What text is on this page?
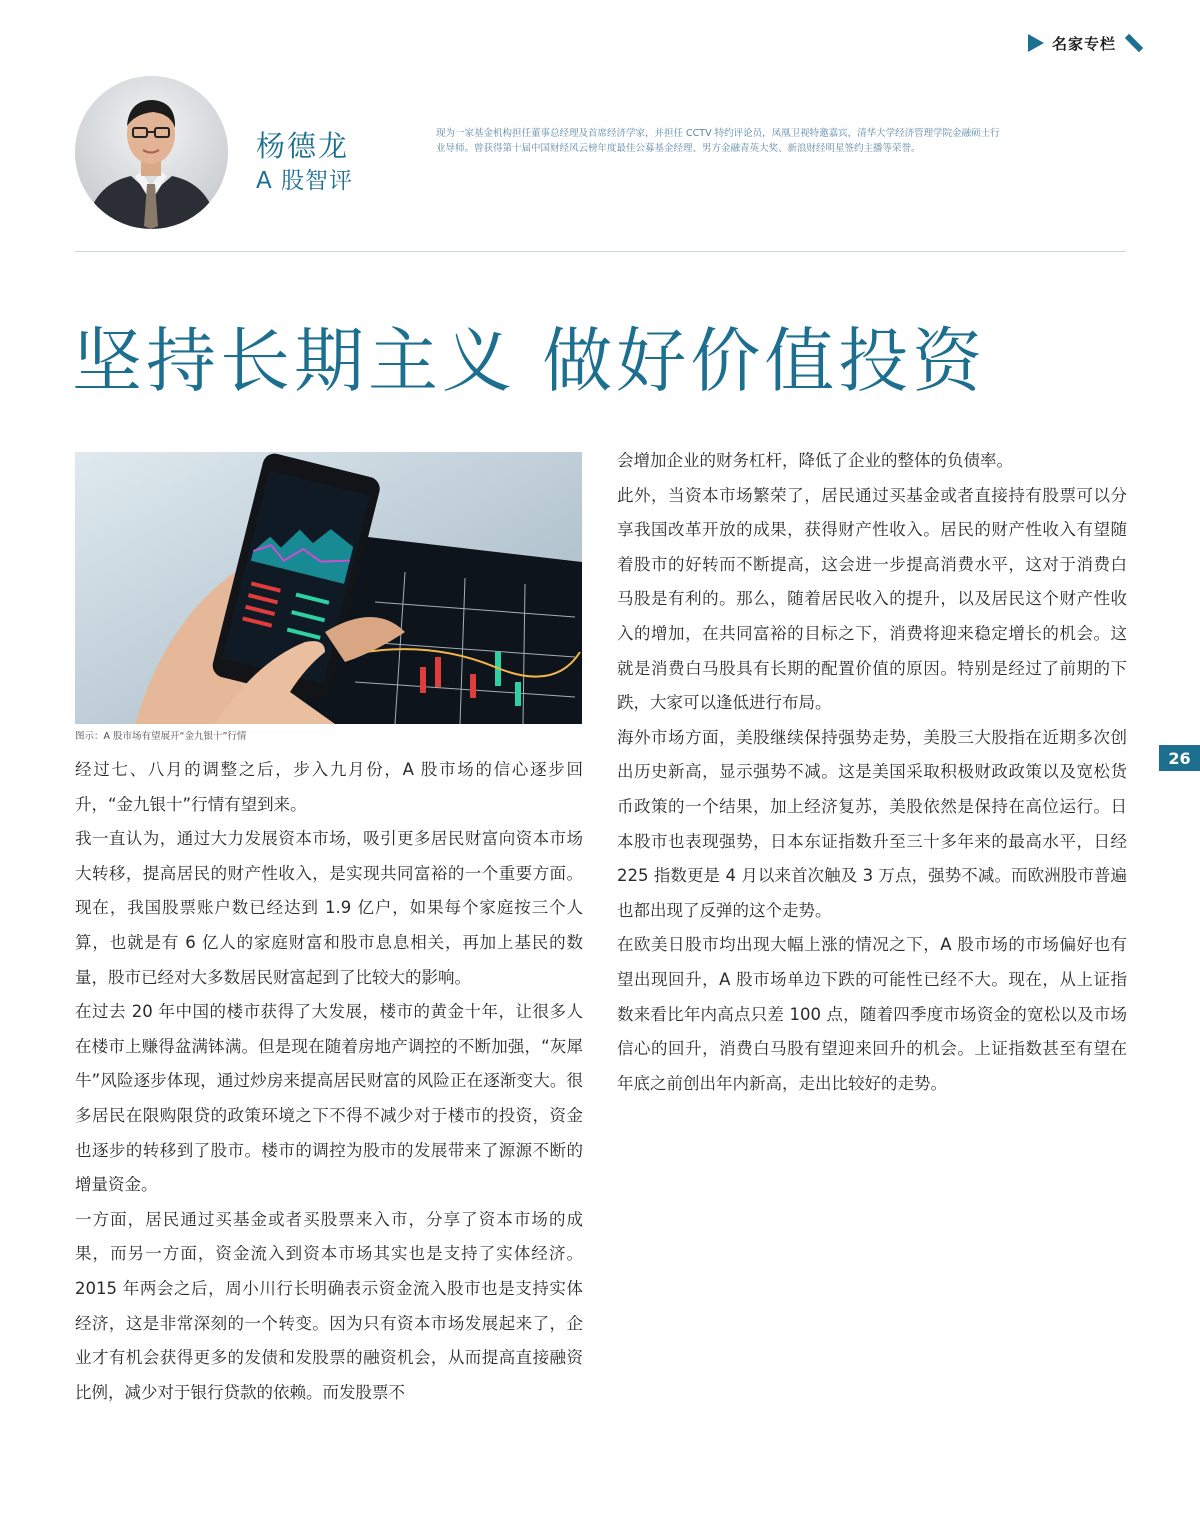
名家专栏
杨德龙
A 股智评
现为一家基金机构担任董事总经理及首席经济学家，并担任 CCTV 特约评论员，凤凰卫视特邀嘉宾，清华大学经济管理学院金融硕士行业导师。曾获得第十届中国财经风云榜年度最佳公募基金经理、男方金融青英大奖、新浪财经明星签约主播等荣誉。
坚持长期主义 做好价值投资
图示：A 股市场有望展开“金九银十”行情

经过七、八月的调整之后，步入九月份，A 股市场的信心逐步回升，“金九银十”行情有望到来。

我一直认为，通过大力发展资本市场，吸引更多居民财富向资本市场大转移，提高居民的财产性收入，是实现共同富裕的一个重要方面。现在，我国股票账户数已经达到 1.9 亿户，如果每个家庭按三个人算，也就是有 6 亿人的家庭财富和股市息息相关，再加上基民的数量，股市已经对大多数居民财富起到了比较大的影响。

在过去 20 年中国的楼市获得了大发展，楼市的黄金十年，让很多人在楼市上赚得盆满钵满。但是现在随着房地产调控的不断加强，“灰犀牛”风险逐步体现，通过炒房来提高居民财富的风险正在逐渐变大。很多居民在限购限贷的政策环境之下不得不减少对于楼市的投资，资金也逐步的转移到了股市。楼市的调控为股市的发展带来了源源不断的增量资金。

一方面，居民通过买基金或者买股票来入市，分享了资本市场的成果，而另一方面，资金流入到资本市场其实也是支持了实体经济。2015 年两会之后，周小川行长明确表示资金流入股市也是支持实体经济，这是非常深刻的一个转变。因为只有资本市场发展起来了，企业才有机会获得更多的发债和发股票的融资机会，从而提高直接融资比例，减少对于银行贷款的依赖。而发股票不

会增加企业的财务杠杆，降低了企业的整体的负债率。

此外，当资本市场繁荣了，居民通过买基金或者直接持有股票可以分享我国改革开放的成果，获得财产性收入。居民的财产性收入有望随着股市的好转而不断提高，这会进一步提高消费水平，这对于消费白马股是有利的。那么，随着居民收入的提升，以及居民这个财产性收入的增加，在共同富裕的目标之下，消费将迎来稳定增长的机会。这就是消费白马股具有长期的配置价值的原因。特别是经过了前期的下跌，大家可以逢低进行布局。

海外市场方面，美股继续保持强势走势，美股三大股指在近期多次创出历史新高，显示强势不减。这是美国采取积极财政政策以及宽松货币政策的一个结果，加上经济复苏，美股依然是保持在高位运行。日本股市也表现强势，日本东证指数升至三十多年来的最高水平，日经 225 指数更是 4 月以来首次触及 3 万点，强势不减。而欧洲股市普遍也都出现了反弹的这个走势。

在欧美日股市均出现大幅上涨的情况之下，A 股市场的市场偏好也有望出现回升，A 股市场单边下跌的可能性已经不大。现在，从上证指数来看比年内高点只差 100 点，随着四季度市场资金的宽松以及市场信心的回升，消费白马股有望迎来回升的机会。上证指数甚至有望在年底之前创出年内新高，走出比较好的走势。

26
